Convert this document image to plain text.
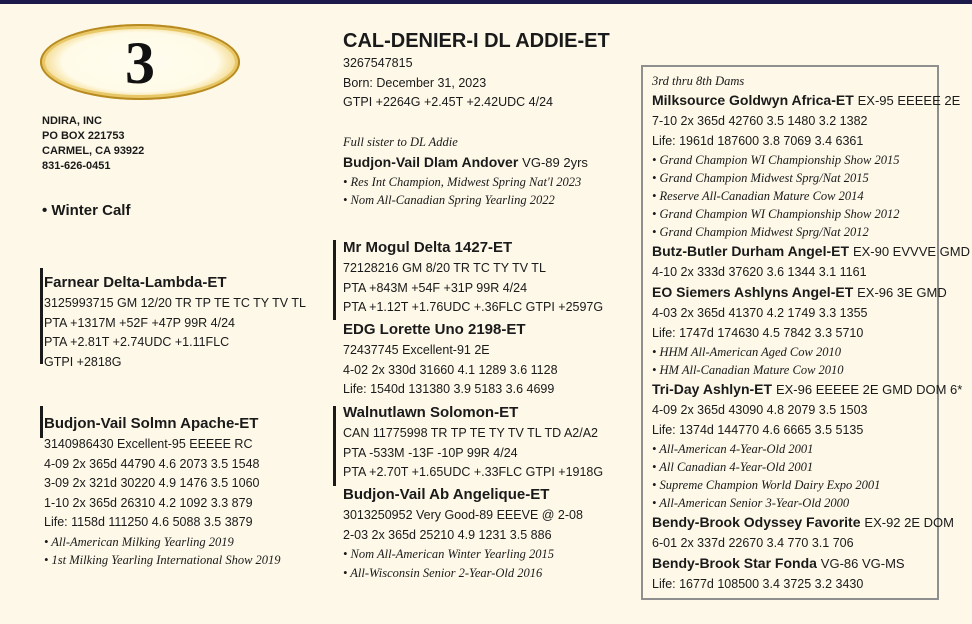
3
NDIRA, INC
PO BOX 221753
CARMEL, CA 93922
831-626-0451
• Winter Calf
Farnear Delta-Lambda-ET
3125993715 GM 12/20 TR TP TE TC TY TV TL
PTA +1317M +52F +47P 99R 4/24
PTA +2.81T +2.74UDC +1.11FLC
GTPI +2818G
Budjon-Vail Solmn Apache-ET
3140986430 Excellent-95 EEEEE RC
4-09 2x 365d 44790 4.6 2073 3.5 1548
3-09 2x 321d 30220 4.9 1476 3.5 1060
1-10 2x 365d 26310 4.2 1092 3.3 879
Life: 1158d 111250 4.6 5088 3.5 3879
• All-American Milking Yearling 2019
• 1st Milking Yearling International Show 2019
CAL-DENIER-I DL ADDIE-ET
3267547815
Born: December 31, 2023
GTPI +2264G +2.45T +2.42UDC 4/24
Full sister to DL Addie
Budjon-Vail Dlam Andover VG-89 2yrs
• Res Int Champion, Midwest Spring Nat'l 2023
• Nom All-Canadian Spring Yearling 2022
Mr Mogul Delta 1427-ET
72128216 GM 8/20 TR TC TY TV TL
PTA +843M +54F +31P 99R 4/24
PTA +1.12T +1.76UDC +.36FLC GTPI +2597G
EDG Lorette Uno 2198-ET
72437745 Excellent-91 2E
4-02 2x 330d 31660 4.1 1289 3.6 1128
Life: 1540d 131380 3.9 5183 3.6 4699
Walnutlawn Solomon-ET
CAN 11775998 TR TP TE TY TV TL TD A2/A2
PTA -533M -13F -10P 99R 4/24
PTA +2.70T +1.65UDC +.33FLC GTPI +1918G
Budjon-Vail Ab Angelique-ET
3013250952 Very Good-89 EEEVE @ 2-08
2-03 2x 365d 25210 4.9 1231 3.5 886
• Nom All-American Winter Yearling 2015
• All-Wisconsin Senior 2-Year-Old 2016
3rd thru 8th Dams
Milksource Goldwyn Africa-ET EX-95 EEEEE 2E
7-10 2x 365d 42760 3.5 1480 3.2 1382
Life: 1961d 187600 3.8 7069 3.4 6361
• Grand Champion WI Championship Show 2015
• Grand Champion Midwest Sprg/Nat 2015
• Reserve All-Canadian Mature Cow 2014
• Grand Champion WI Championship Show 2012
• Grand Champion Midwest Sprg/Nat 2012
Butz-Butler Durham Angel-ET EX-90 EVVVE GMD
4-10 2x 333d 37620 3.6 1344 3.1 1161
EO Siemers Ashlyns Angel-ET EX-96 3E GMD
4-03 2x 365d 41370 4.2 1749 3.3 1355
Life: 1747d 174630 4.5 7842 3.3 5710
• HHM All-American Aged Cow 2010
• HM All-Canadian Mature Cow 2010
Tri-Day Ashlyn-ET EX-96 EEEEE 2E GMD DOM 6*
4-09 2x 365d 43090 4.8 2079 3.5 1503
Life: 1374d 144770 4.6 6665 3.5 5135
• All-American 4-Year-Old 2001
• All Canadian 4-Year-Old 2001
• Supreme Champion World Dairy Expo 2001
• All-American Senior 3-Year-Old 2000
Bendy-Brook Odyssey Favorite EX-92 2E DOM
6-01 2x 337d 22670 3.4 770 3.1 706
Bendy-Brook Star Fonda VG-86 VG-MS
Life: 1677d 108500 3.4 3725 3.2 3430
